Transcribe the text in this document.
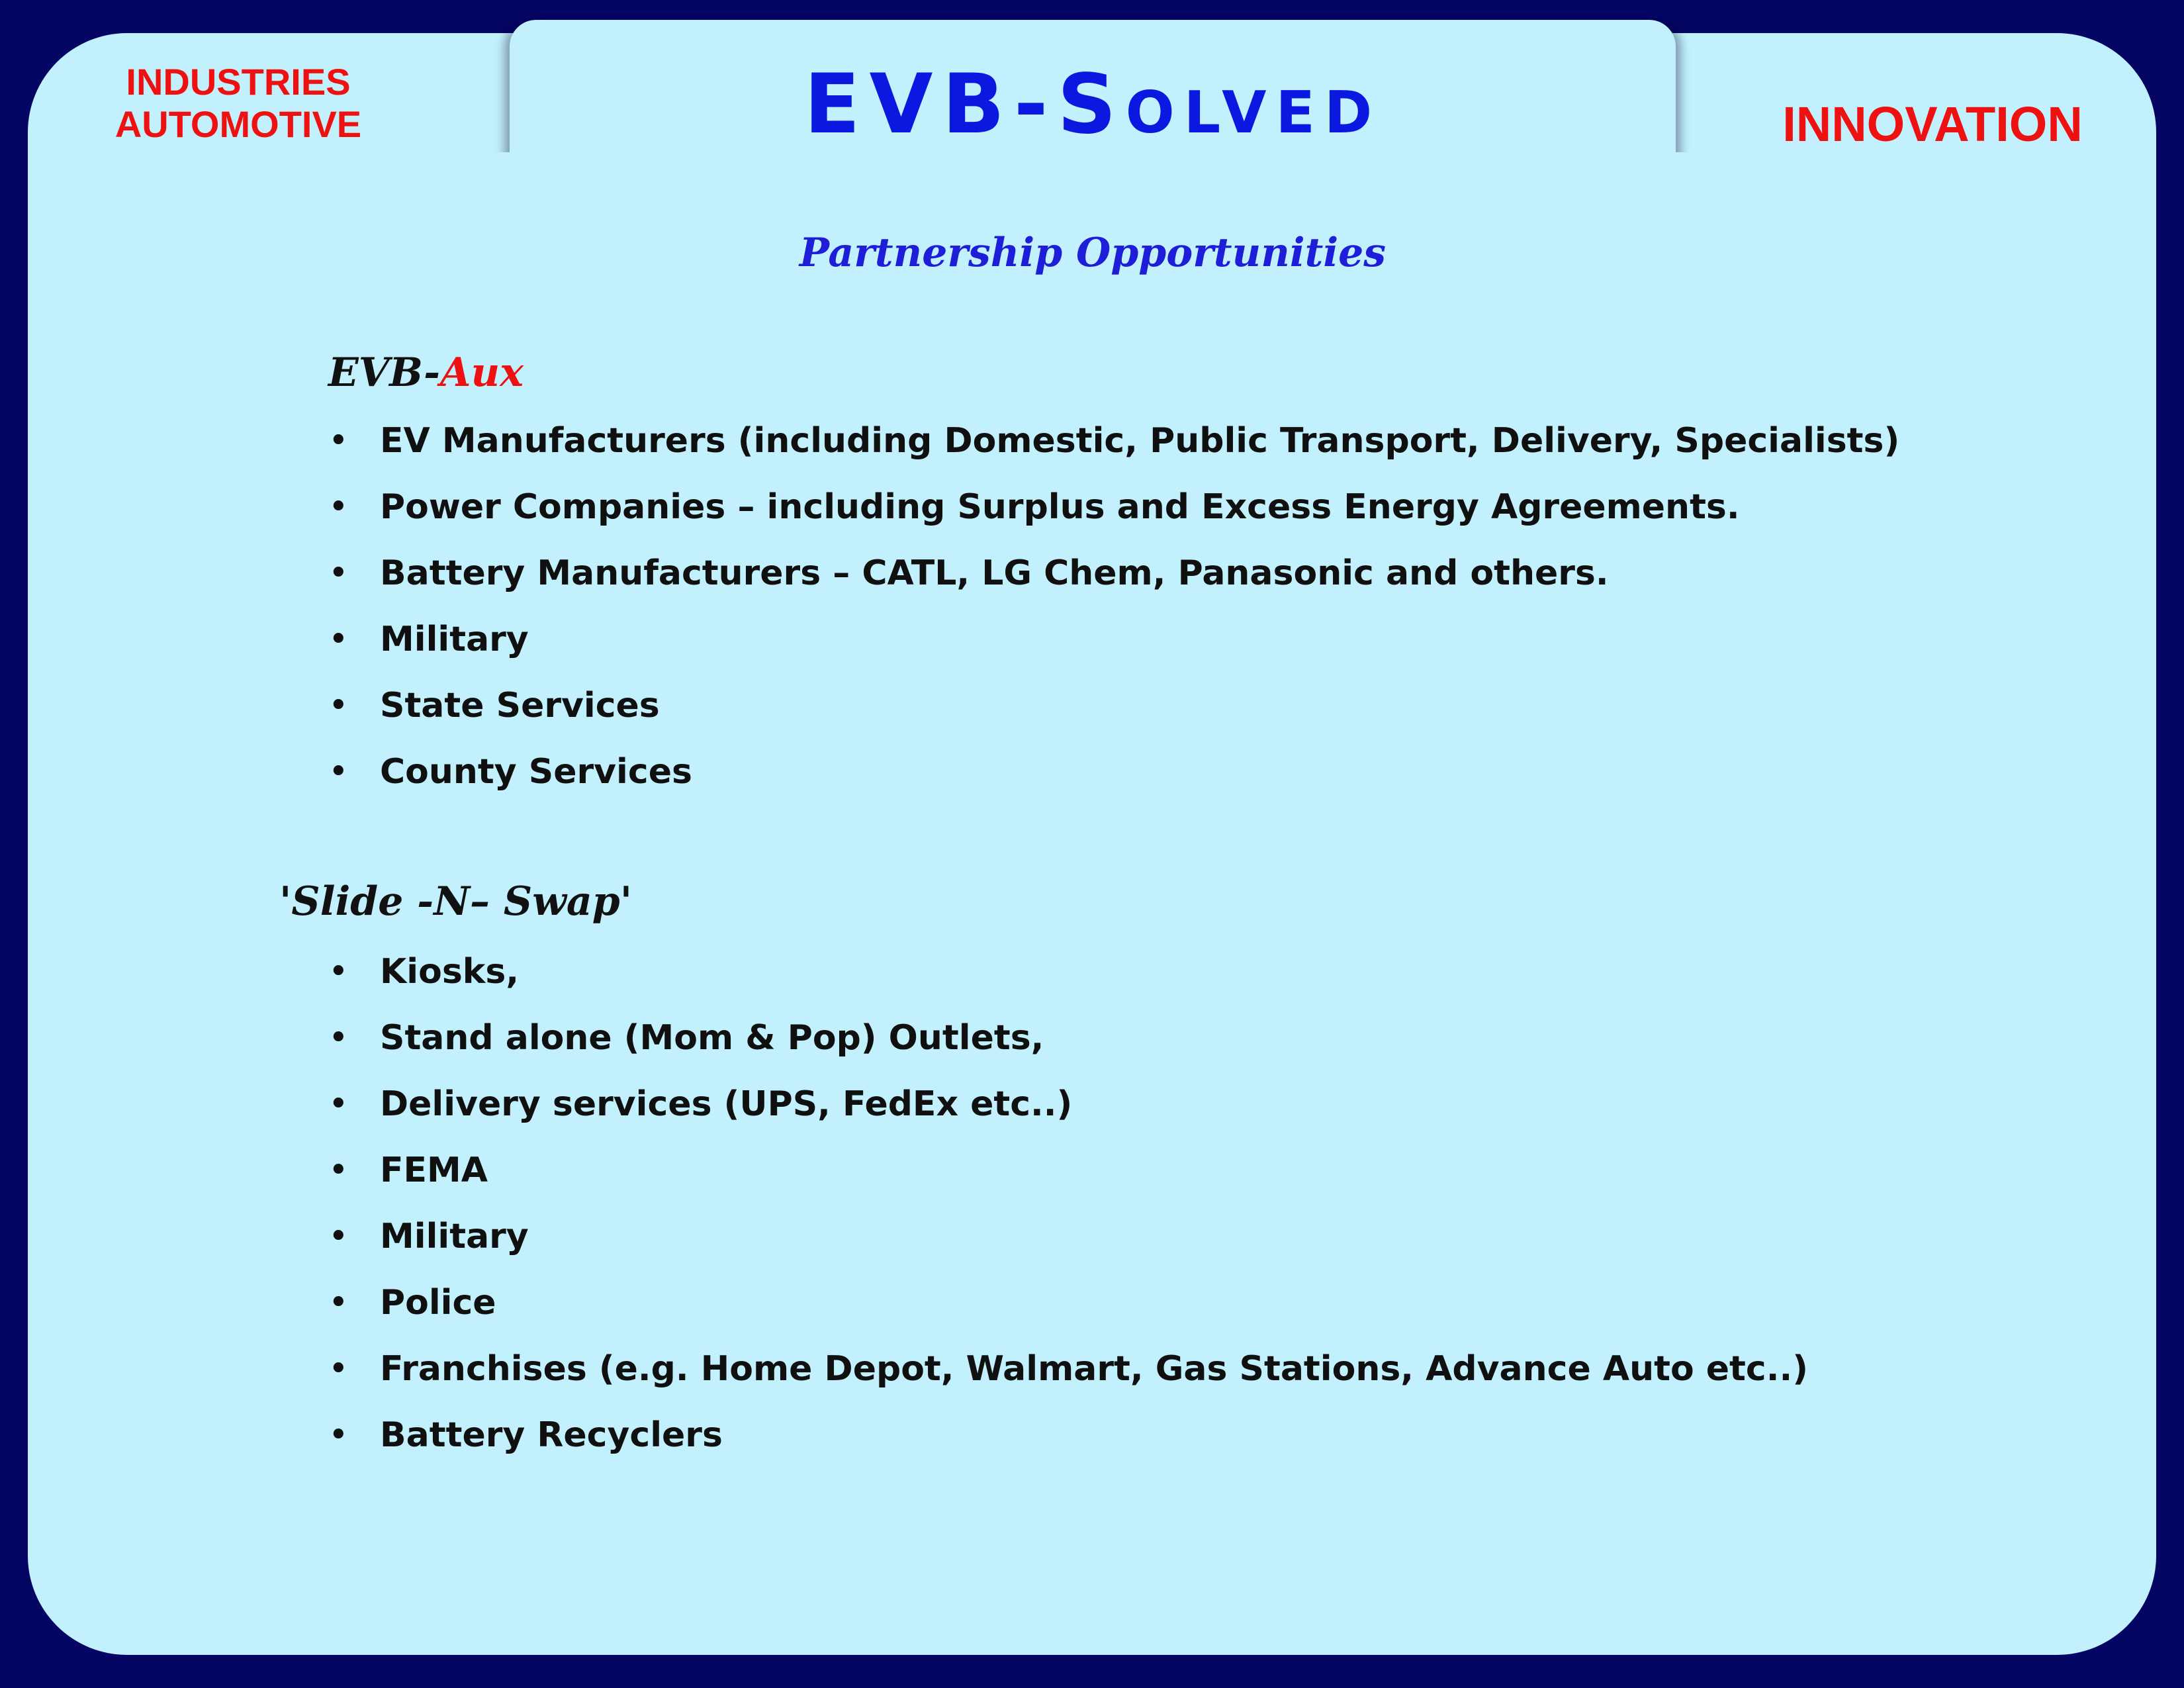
INDUSTRIES
AUTOMOTIVE	EVB-Solved	INNOVATION

Partnership Opportunities
EVB-Aux
• EV Manufacturers (including Domestic, Public Transport, Delivery, Specialists)
• Power Companies – including Surplus and Excess Energy Agreements.
• Battery Manufacturers – CATL, LG Chem, Panasonic and others.
• Military
• State Services
• County Services
'Slide -N– Swap'
• Kiosks,
• Stand alone (Mom & Pop) Outlets,
• Delivery services (UPS, FedEx etc..)
• FEMA
• Military
• Police
• Franchises (e.g. Home Depot, Walmart, Gas Stations, Advance Auto etc..)
• Battery Recyclers
